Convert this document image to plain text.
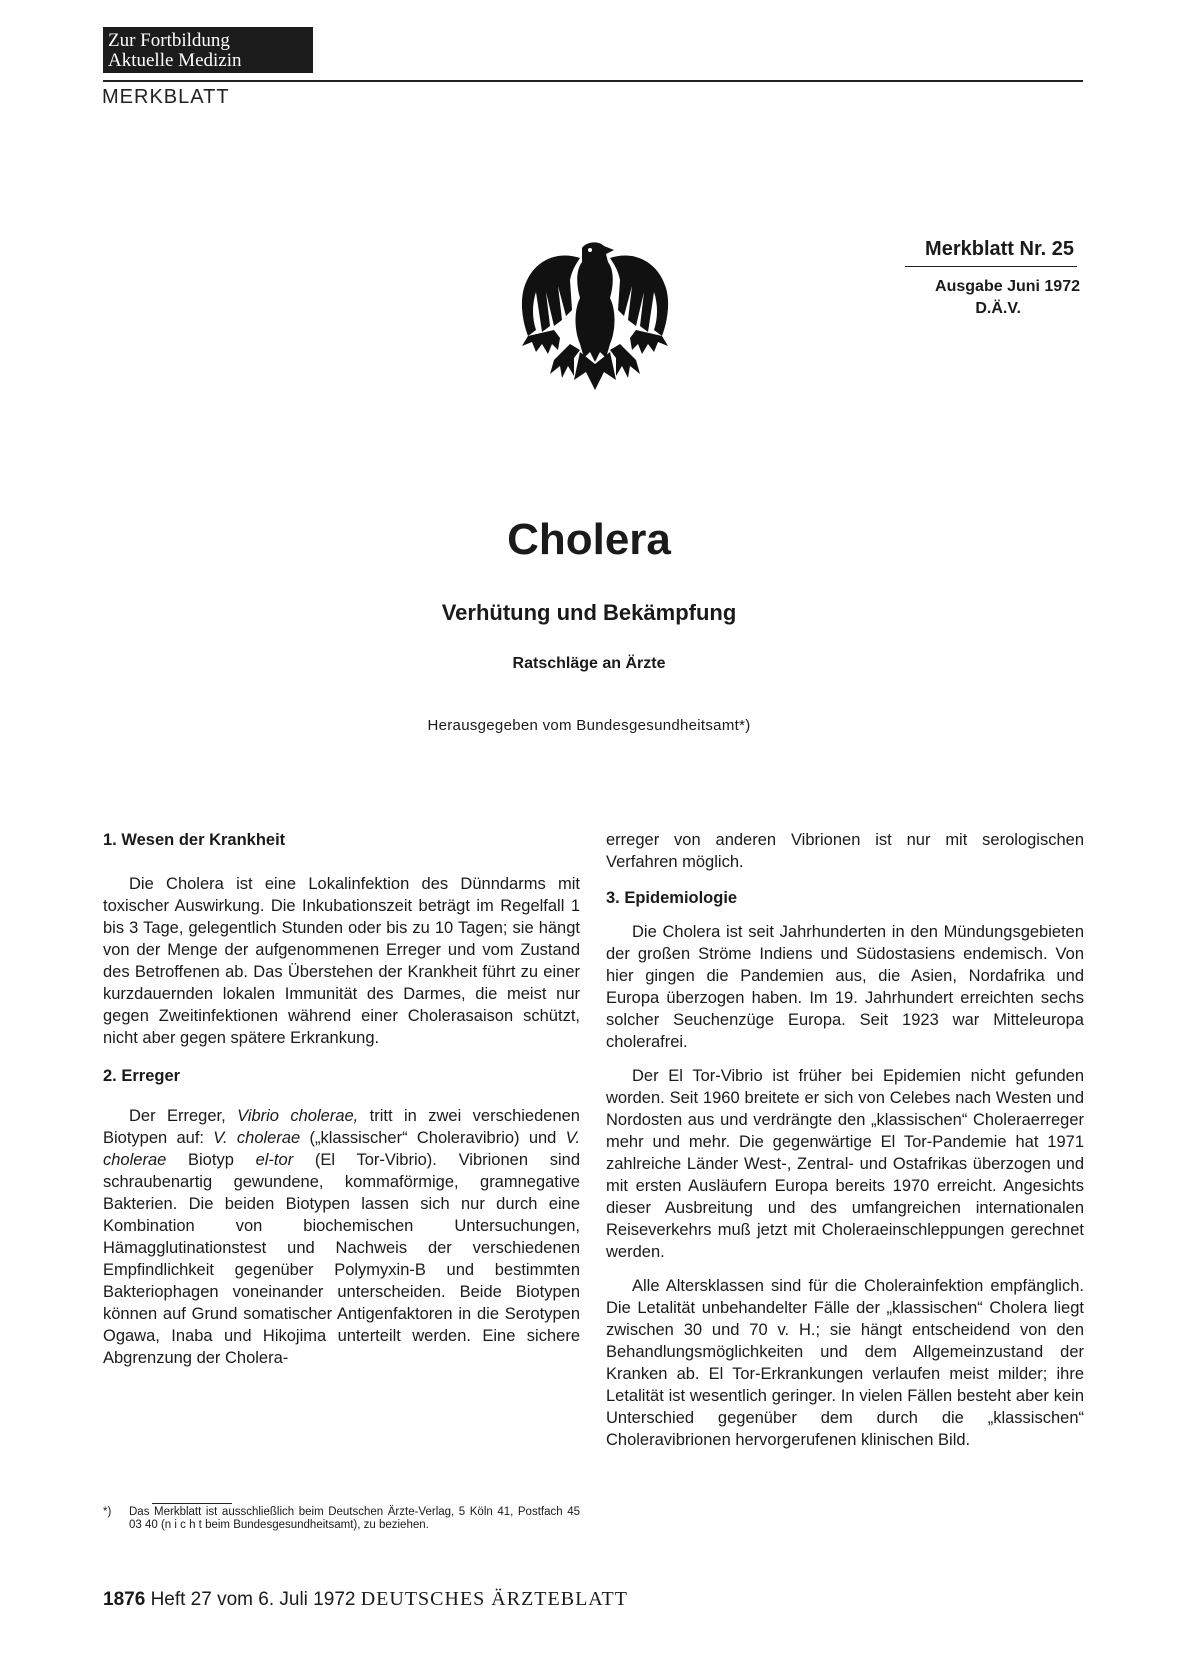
Zur Fortbildung
Aktuelle Medizin
MERKBLATT
Merkblatt Nr. 25
Ausgabe Juni 1972
D.Ä.V.
Cholera
Verhütung und Bekämpfung
Ratschläge an Ärzte
Herausgegeben vom Bundesgesundheitsamt*)

1. Wesen der Krankheit

Die Cholera ist eine Lokalinfektion des Dünndarms mit toxischer Auswirkung. Die Inkubationszeit beträgt im Regelfall 1 bis 3 Tage, gelegentlich Stunden oder bis zu 10 Tagen; sie hängt von der Menge der aufgenommenen Erreger und vom Zustand des Betroffenen ab. Das Überstehen der Krankheit führt zu einer kurzdauernden lokalen Immunität des Darmes, die meist nur gegen Zweitinfektionen während einer Cholerasaison schützt, nicht aber gegen spätere Erkrankung.

2. Erreger

Der Erreger, Vibrio cholerae, tritt in zwei verschiedenen Biotypen auf: V. cholerae („klassischer“ Choleravibrio) und V. cholerae Biotyp el-tor (El Tor-Vibrio). Vibrionen sind schraubenartig gewundene, kommaförmige, gramnegative Bakterien. Die beiden Biotypen lassen sich nur durch eine Kombination von biochemischen Untersuchungen, Hämagglutinationstest und Nachweis der verschiedenen Empfindlichkeit gegenüber Polymyxin-B und bestimmten Bakteriophagen voneinander unterscheiden. Beide Biotypen können auf Grund somatischer Antigenfaktoren in die Serotypen Ogawa, Inaba und Hikojima unterteilt werden. Eine sichere Abgrenzung der Cholera-

erreger von anderen Vibrionen ist nur mit serologischen Verfahren möglich.

3. Epidemiologie

Die Cholera ist seit Jahrhunderten in den Mündungsgebieten der großen Ströme Indiens und Südostasiens endemisch. Von hier gingen die Pandemien aus, die Asien, Nordafrika und Europa überzogen haben. Im 19. Jahrhundert erreichten sechs solcher Seuchenzüge Europa. Seit 1923 war Mitteleuropa cholerafrei.

Der El Tor-Vibrio ist früher bei Epidemien nicht gefunden worden. Seit 1960 breitete er sich von Celebes nach Westen und Nordosten aus und verdrängte den „klassischen“ Choleraerreger mehr und mehr. Die gegenwärtige El Tor-Pandemie hat 1971 zahlreiche Länder West-, Zentral- und Ostafrikas überzogen und mit ersten Ausläufern Europa bereits 1970 erreicht. Angesichts dieser Ausbreitung und des umfangreichen internationalen Reiseverkehrs muß jetzt mit Choleraeinschleppungen gerechnet werden.

Alle Altersklassen sind für die Cholerainfektion empfänglich. Die Letalität unbehandelter Fälle der „klassischen“ Cholera liegt zwischen 30 und 70 v. H.; sie hängt entscheidend von den Behandlungsmöglichkeiten und dem Allgemeinzustand der Kranken ab. El Tor-Erkrankungen verlaufen meist milder; ihre Letalität ist wesentlich geringer. In vielen Fällen besteht aber kein Unterschied gegenüber dem durch die „klassischen“ Choleravibrionen hervorgerufenen klinischen Bild.

*) Das Merkblatt ist ausschließlich beim Deutschen Ärzte-Verlag, 5 Köln 41, Postfach 45 03 40 (n i c h t beim Bundesgesundheitsamt), zu beziehen.
1876 Heft 27 vom 6. Juli 1972 DEUTSCHES ÄRZTEBLATT
